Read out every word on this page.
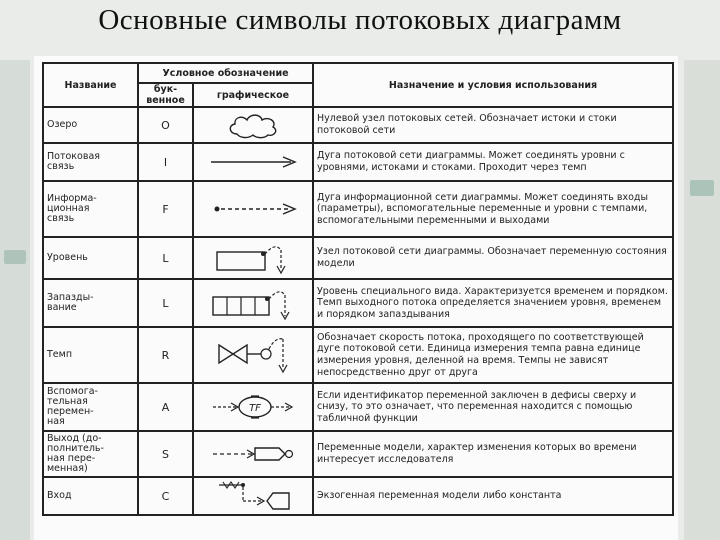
Основные символы потоковых диаграмм
Название	Условное обозначение		Назначение и условия использования
	бук-
венное	графическое	
Озеро	O		Нулевой узел потоковых сетей. Обозначает истоки и стоки потоковой сети
Потоковая
связь	I		Дуга потоковой сети диаграммы. Может соединять уровни с уровнями, истоками и стоками. Проходит через темп
Информа-
ционная
связь	F		Дуга информационной сети диаграммы. Может соединять входы (параметры), вспомогательные переменные и уровни с темпами, вспомогательными переменными и выходами
Уровень	L		Узел потоковой сети диаграммы. Обозначает переменную состояния модели
Запазды-
вание	L		Уровень специального вида. Характеризуется временем и порядком. Темп выходного потока определяется значением уровня, временем и порядком запаздывания
Темп	R		Обозначает скорость потока, проходящего по соответствующей дуге потоковой сети. Единица измерения темпа равна единице измерения уровня, деленной на время. Темпы не зависят непосредственно друг от друга
Вспомога-
тельная
перемен-
ная	A	TF	Если идентификатор переменной заключен в дефисы сверху и снизу, то это означает, что переменная находится с помощью табличной функции
Выход (до-
полнитель-
ная пере-
менная)	S		Переменные модели, характер изменения которых во времени интересует исследователя
Вход	C		Экзогенная переменная модели либо константа
